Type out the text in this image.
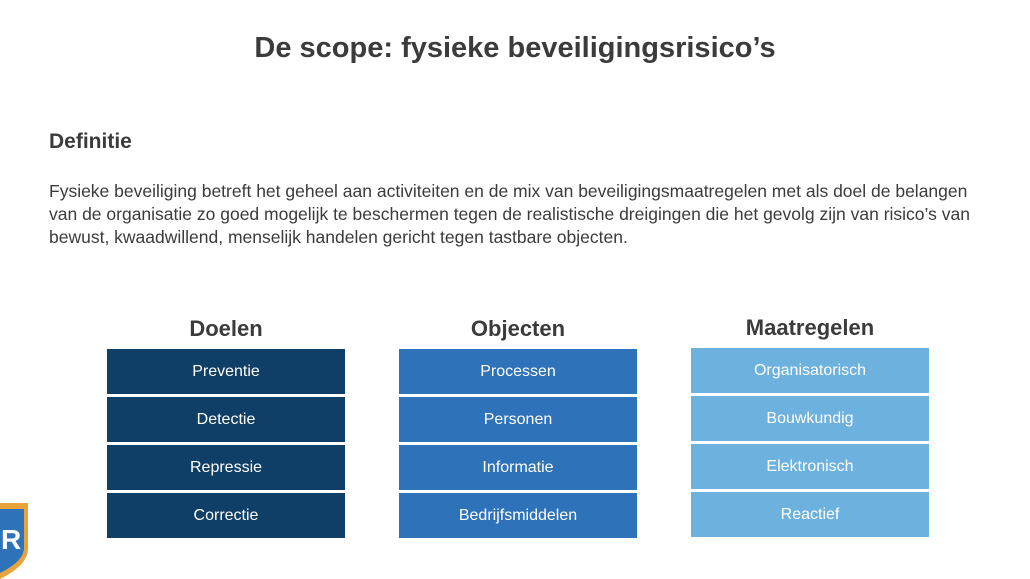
De scope: fysieke beveiligingsrisico’s
Definitie
Fysieke beveiliging betreft het geheel aan activiteiten en de mix van beveiligingsmaatregelen met als doel de belangen van de organisatie zo goed mogelijk te beschermen tegen de realistische dreigingen die het gevolg zijn van risico’s van bewust, kwaadwillend, menselijk handelen gericht tegen tastbare objecten.
Doelen
Preventie
Detectie
Repressie
Correctie
Objecten
Processen
Personen
Informatie
Bedrijfsmiddelen
Maatregelen
Organisatorisch
Bouwkundig
Elektronisch
Reactief
R
